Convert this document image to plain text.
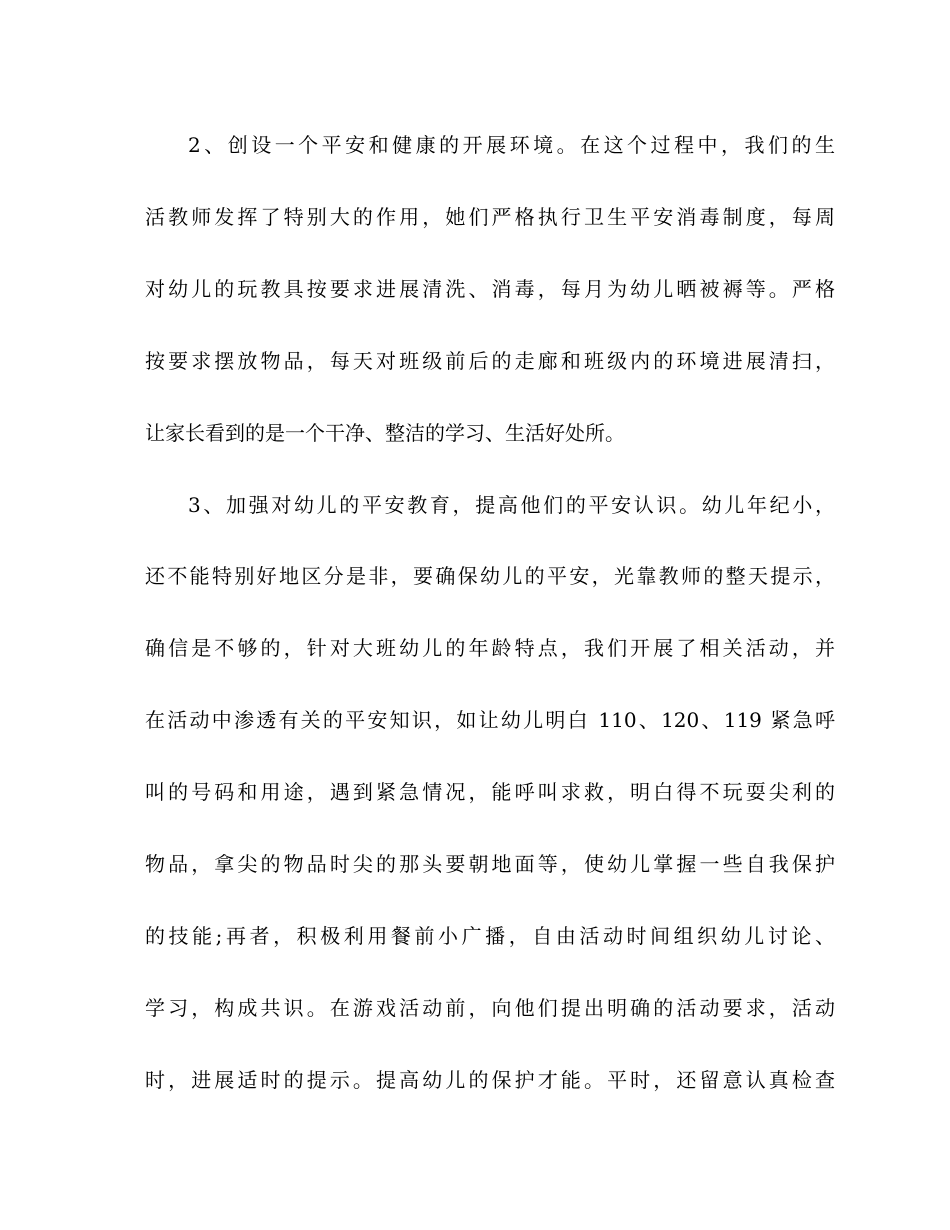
2、创设一个平安和健康的开展环境。在这个过程中，我们的生
活教师发挥了特别大的作用，她们严格执行卫生平安消毒制度，每周
对幼儿的玩教具按要求进展清洗、消毒，每月为幼儿晒被褥等。严格
按要求摆放物品，每天对班级前后的走廊和班级内的环境进展清扫，
让家长看到的是一个干净、整洁的学习、生活好处所。
3、加强对幼儿的平安教育，提高他们的平安认识。幼儿年纪小，
还不能特别好地区分是非，要确保幼儿的平安，光靠教师的整天提示，
确信是不够的，针对大班幼儿的年龄特点，我们开展了相关活动，并
在活动中渗透有关的平安知识，如让幼儿明白 110、120、119 紧急呼
叫的号码和用途，遇到紧急情况，能呼叫求救，明白得不玩耍尖利的
物品，拿尖的物品时尖的那头要朝地面等，使幼儿掌握一些自我保护
的技能;再者，积极利用餐前小广播，自由活动时间组织幼儿讨论、
学习，构成共识。在游戏活动前，向他们提出明确的活动要求，活动
时，进展适时的提示。提高幼儿的保护才能。平时，还留意认真检查
